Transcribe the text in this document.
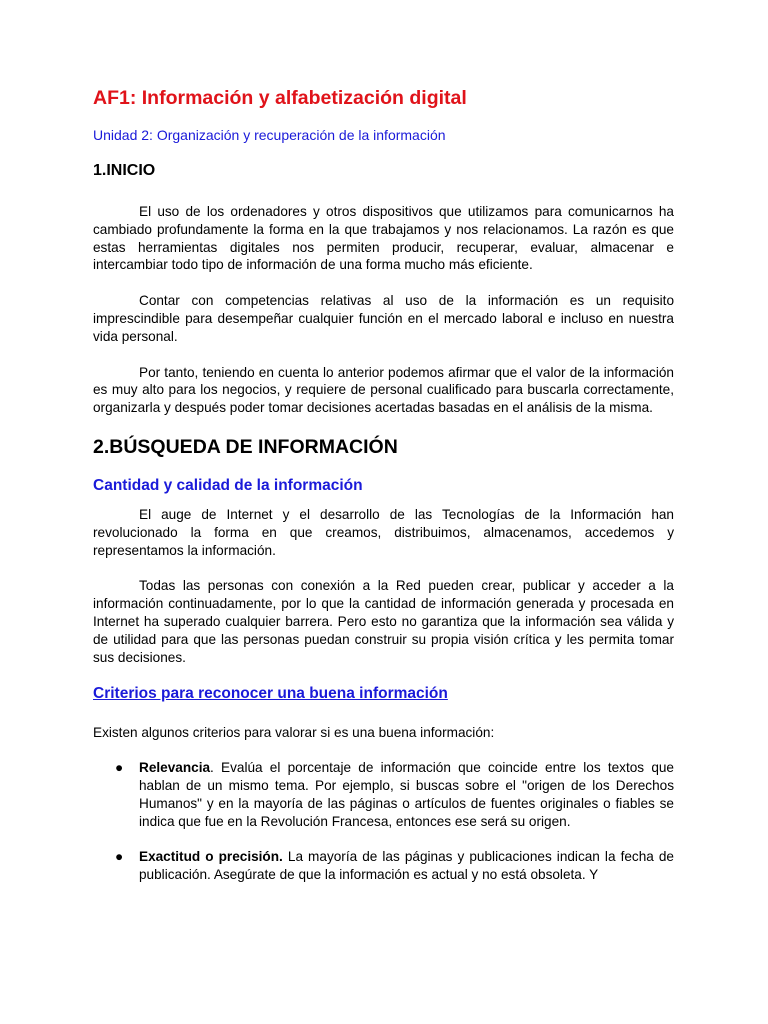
AF1: Información y alfabetización digital
Unidad 2: Organización y recuperación de la información
1.INICIO

El uso de los ordenadores y otros dispositivos que utilizamos para comunicarnos ha cambiado profundamente la forma en la que trabajamos y nos relacionamos. La razón es que estas herramientas digitales nos permiten producir, recuperar, evaluar, almacenar e intercambiar todo tipo de información de una forma mucho más eficiente.

Contar con competencias relativas al uso de la información es un requisito imprescindible para desempeñar cualquier función en el mercado laboral e incluso en nuestra vida personal.

Por tanto, teniendo en cuenta lo anterior podemos afirmar que el valor de la información es muy alto para los negocios, y requiere de personal cualificado para buscarla correctamente, organizarla y después poder tomar decisiones acertadas basadas en el análisis de la misma.

2.BÚSQUEDA DE INFORMACIÓN
Cantidad y calidad de la información

El auge de Internet y el desarrollo de las Tecnologías de la Información han revolucionado la forma en que creamos, distribuimos, almacenamos, accedemos y representamos la información.

Todas las personas con conexión a la Red pueden crear, publicar y acceder a la información continuadamente, por lo que la cantidad de información generada y procesada en Internet ha superado cualquier barrera. Pero esto no garantiza que la información sea válida y de utilidad para que las personas puedan construir su propia visión crítica y les permita tomar sus decisiones.

Criterios para reconocer una buena información

Existen algunos criterios para valorar si es una buena información:

● Relevancia. Evalúa el porcentaje de información que coincide entre los textos que hablan de un mismo tema. Por ejemplo, si buscas sobre el "origen de los Derechos Humanos" y en la mayoría de las páginas o artículos de fuentes originales o fiables se indica que fue en la Revolución Francesa, entonces ese será su origen.
● Exactitud o precisión. La mayoría de las páginas y publicaciones indican la fecha de publicación. Asegúrate de que la información es actual y no está obsoleta. Y
